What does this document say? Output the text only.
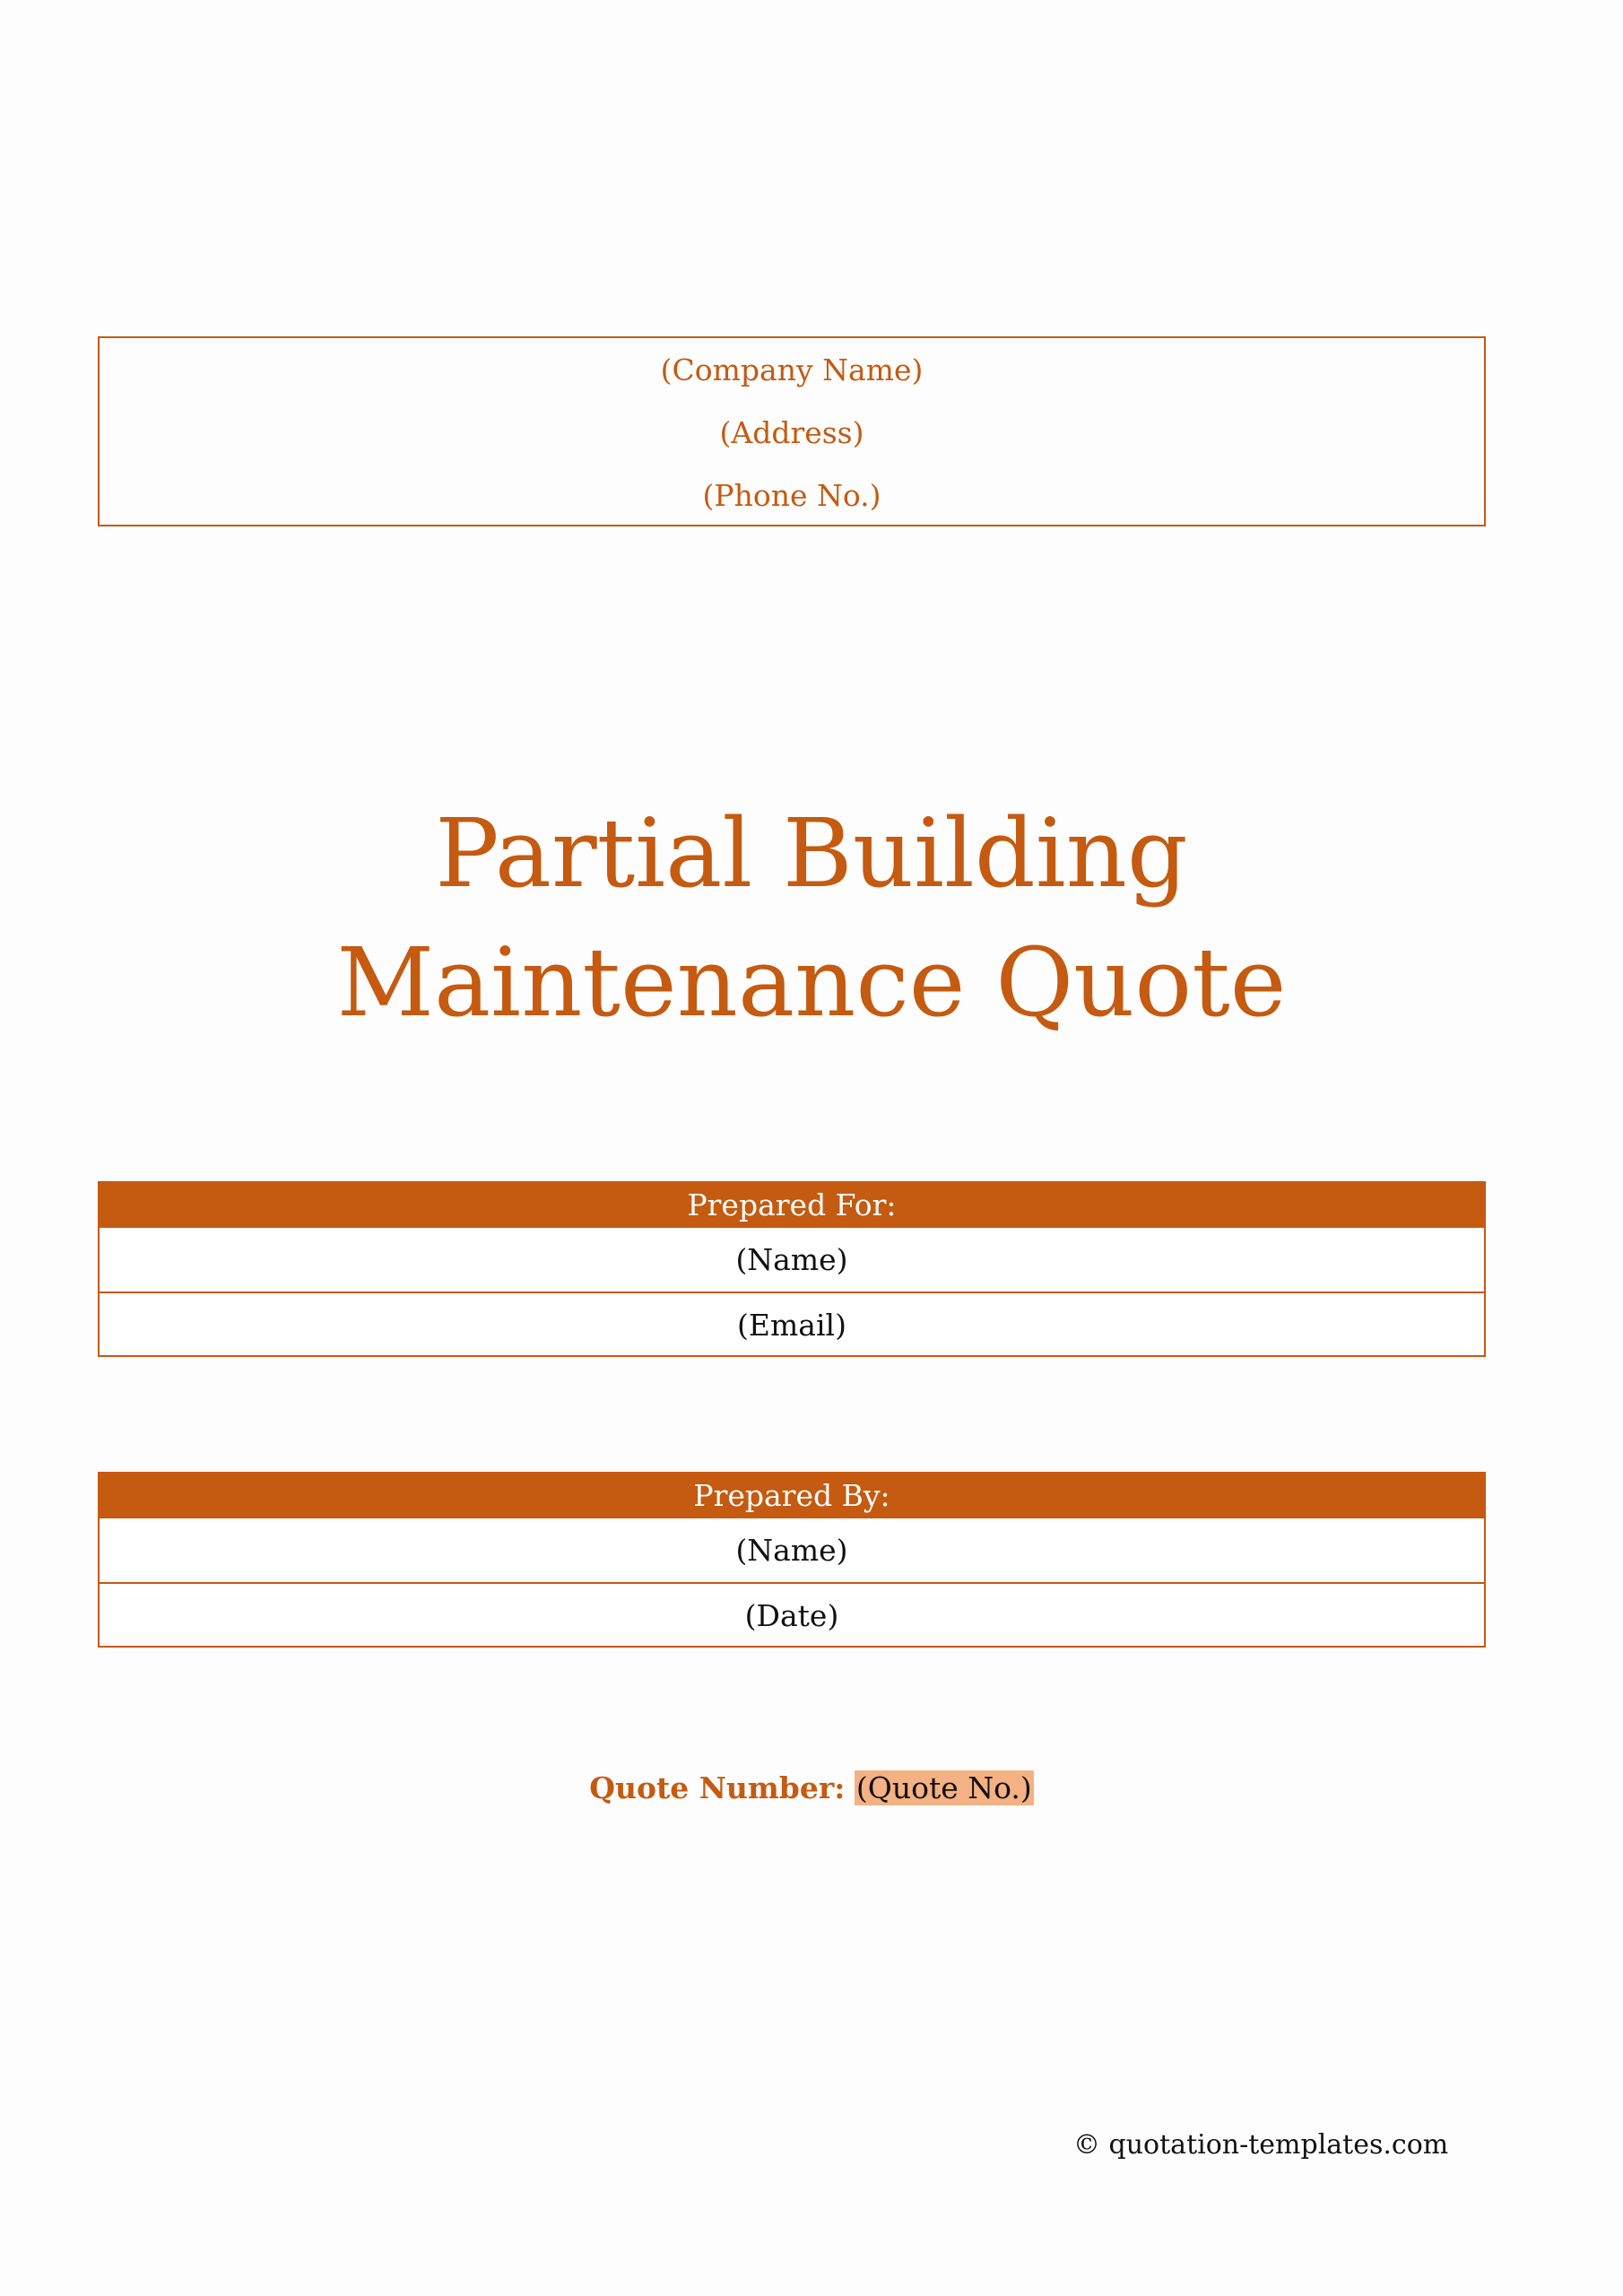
(Company Name)
(Address)
(Phone No.)
Partial Building
Maintenance Quote
Prepared For:
(Name)
(Email)
Prepared By:
(Name)
(Date)
Quote Number: (Quote No.)
© quotation-templates.com
